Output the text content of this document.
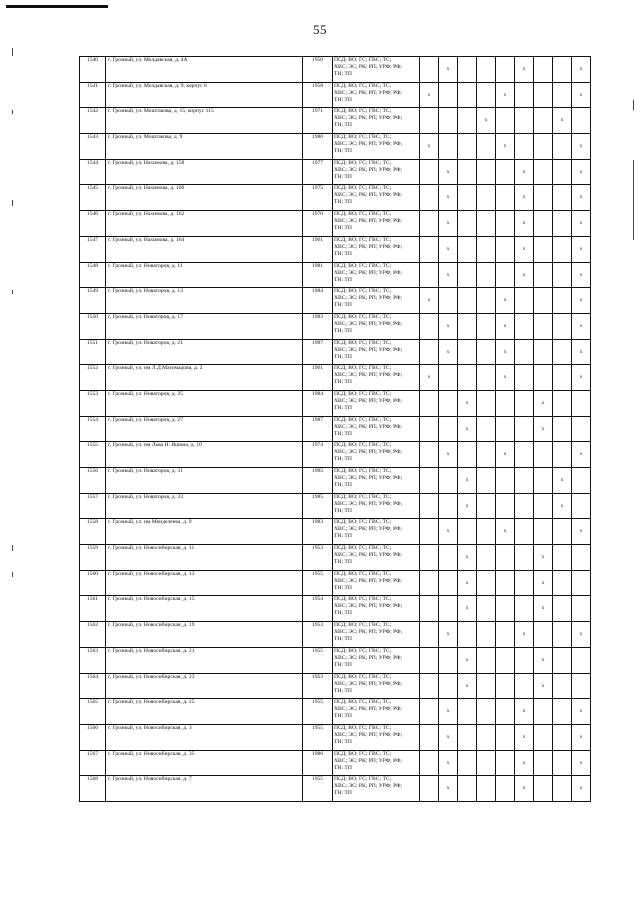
55
1540	г. Грозный, ул. Молдавская, д. 4А	1950	ПСД; ВО; ГС; ГВС; ТС;
ХВС; ЭС; РК; РП; УРФ; РФ;
ТН; ТП		x				x			x

1541	г. Грозный, ул. Молдавская, д. 9, корпус 8	1958	ПСД; ВО; ГС; ГВС; ТС;
ХВС; ЭС; РК; РП; УРФ; РФ;
ТН; ТП	x				x				x

1542	г. Грозный, ул. Моштакова, д. 15, корпус 115	1971	ПСД; ВО; ГС; ГВС; ТС;
ХВС; ЭС; РК; РП; УРФ; РФ;
ТН; ТП				x				x	

1543	г. Грозный, ул. Моштакова, д. 9	1980	ПСД; ВО; ГС; ГВС; ТС;
ХВС; ЭС; РК; РП; УРФ; РФ;
ТН; ТП	x				x				x

1544	г. Грозный, ул. Нахимова, д. 158	1977	ПСД; ВО; ГС; ГВС; ТС;
ХВС; ЭС; РК; РП; УРФ; РФ;
ТН; ТП		x				x			x

1545	г. Грозный, ул. Нахимова, д. 160	1975	ПСД; ВО; ГС; ГВС; ТС;
ХВС; ЭС; РК; РП; УРФ; РФ;
ТН; ТП		x				x			x

1546	г. Грозный, ул. Нахимова, д. 162	1970	ПСД; ВО; ГС; ГВС; ТС;
ХВС; ЭС; РК; РП; УРФ; РФ;
ТН; ТП		x				x			x

1547	г. Грозный, ул. Нахимова, д. 164	1961	ПСД; ВО; ГС; ГВС; ТС;
ХВС; ЭС; РК; РП; УРФ; РФ;
ТН; ТП		x				x			x

1548	г. Грозный, ул. Новаторов, д. 11	1981	ПСД; ВО; ГС; ГВС; ТС;
ХВС; ЭС; РК; РП; УРФ; РФ;
ТН; ТП		x				x			x

1549	г. Грозный, ул. Новаторов, д. 13	1984	ПСД; ВО; ГС; ГВС; ТС;
ХВС; ЭС; РК; РП; УРФ; РФ;
ТН; ТП	x				x				x

1550	г. Грозный, ул. Новаторов, д. 17	1983	ПСД; ВО; ГС; ГВС; ТС;
ХВС; ЭС; РК; РП; УРФ; РФ;
ТН; ТП		x			x				x

1551	г. Грозный, ул. Новаторов, д. 21	1987	ПСД; ВО; ГС; ГВС; ТС;
ХВС; ЭС; РК; РП; УРФ; РФ;
ТН; ТП		x			x				x

1552	г. Грозный, ул. им Л.Д.Магомадова, д. 2	1961	ПСД; ВО; ГС; ГВС; ТС;
ХВС; ЭС; РК; РП; УРФ; РФ;
ТН; ТП	x				x				x

1553	г. Грозный, ул. Новаторов, д. 25	1984	ПСД; ВО; ГС; ГВС; ТС;
ХВС; ЭС; РК; РП; УРФ; РФ;
ТН; ТП			x				x		

1554	г. Грозный, ул. Новаторов, д. 27	1987	ПСД; ВО; ГС; ГВС; ТС;
ХВС; ЭС; РК; РП; УРФ; РФ;
ТН; ТП			x				x		

1555	г. Грозный, ул. им Льва Н. Яшина, д. 10	1974	ПСД; ВО; ГС; ГВС; ТС;
ХВС; ЭС; РК; РП; УРФ; РФ;
ТН; ТП		x			x				x

1556	г. Грозный, ул. Новаторов, д. 31	1985	ПСД; ВО; ГС; ГВС; ТС;
ХВС; ЭС; РК; РП; УРФ; РФ;
ТН; ТП			x					x	

1557	г. Грозный, ул. Новаторов, д. 33	1985	ПСД; ВО; ГС; ГВС; ТС;
ХВС; ЭС; РК; РП; УРФ; РФ;
ТН; ТП			x					x	

1558	г. Грозный, ул. им Менделеева, д. 9	1983	ПСД; ВО; ГС; ГВС; ТС;
ХВС; ЭС; РК; РП; УРФ; РФ;
ТН; ТП		x			x				x

1559	г. Грозный, ул. Новосибирская, д. 11	1953	ПСД; ВО; ГС; ГВС; ТС;
ХВС; ЭС; РК; РП; УРФ; РФ;
ТН; ТП			x				x		

1560	г. Грозный, ул. Новосибирская, д. 13	1955	ПСД; ВО; ГС; ГВС; ТС;
ХВС; ЭС; РК; РП; УРФ; РФ;
ТН; ТП			x				x		

1561	г. Грозный, ул. Новосибирская, д. 15	1954	ПСД; ВО; ГС; ГВС; ТС;
ХВС; ЭС; РК; РП; УРФ; РФ;
ТН; ТП			x				x		

1562	г. Грозный, ул. Новосибирская, д. 19	1953	ПСД; ВО; ГС; ГВС; ТС;
ХВС; ЭС; РК; РП; УРФ; РФ;
ТН; ТП		x				x			x

1563	г. Грозный, ул. Новосибирская, д. 21	1955	ПСД; ВО; ГС; ГВС; ТС;
ХВС; ЭС; РК; РП; УРФ; РФ;
ТН; ТП			x				x		

1564	г. Грозный, ул. Новосибирская, д. 23	1953	ПСД; ВО; ГС; ГВС; ТС;
ХВС; ЭС; РК; РП; УРФ; РФ;
ТН; ТП			x				x		

1565	г. Грозный, ул. Новосибирская, д. 25	1955	ПСД; ВО; ГС; ГВС; ТС;
ХВС; ЭС; РК; РП; УРФ; РФ;
ТН; ТП		x				x			x

1566	г. Грозный, ул. Новосибирская, д. 3	1955	ПСД; ВО; ГС; ГВС; ТС;
ХВС; ЭС; РК; РП; УРФ; РФ;
ТН; ТП		x				x			x

1567	г. Грозный, ул. Новосибирская, д. 35	1986	ПСД; ВО; ГС; ГВС; ТС;
ХВС; ЭС; РК; РП; УРФ; РФ;
ТН; ТП		x				x			x

1568	г. Грозный, ул. Новосибирская, д. 7	1955	ПСД; ВО; ГС; ГВС; ТС;
ХВС; ЭС; РК; РП; УРФ; РФ;
ТН; ТП		x				x			x
